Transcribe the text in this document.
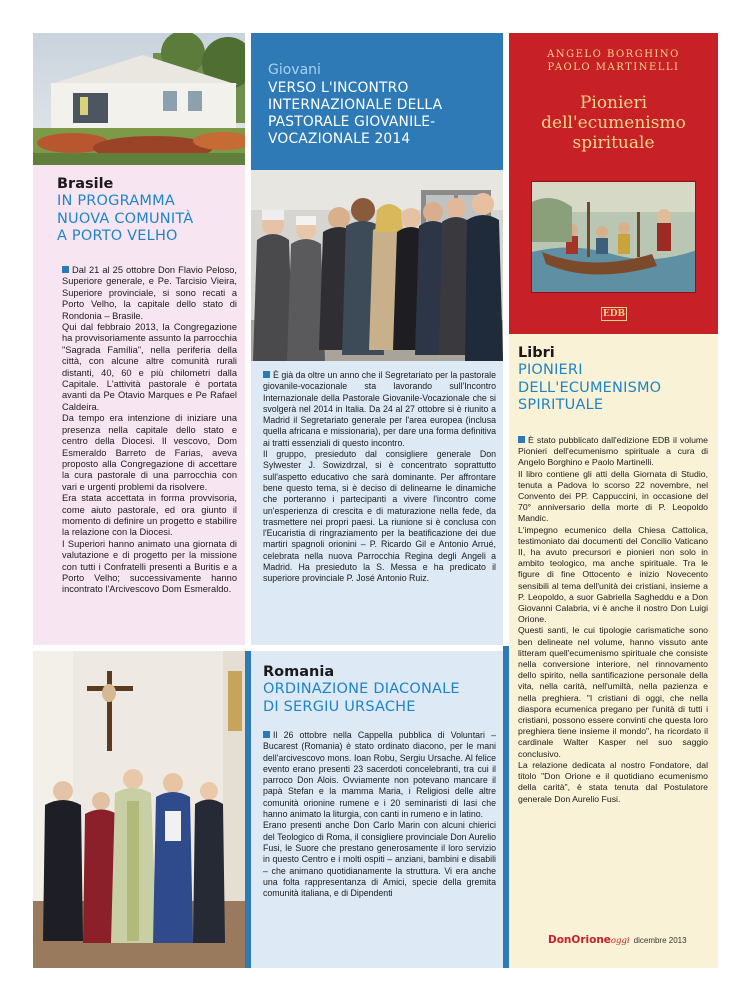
ANGELO BORGHINO
PAOLO MARTINELLI
Pionieri
dell'ecumenismo
spirituale
EDB
Brasile
IN PROGRAMMA
NUOVA COMUNITÀ
A PORTO VELHO

Dal 21 al 25 ottobre Don Flavio Peloso, Superiore generale, e Pe. Tarcisio Vieira, Superiore provinciale, si sono recati a Porto Velho, la capitale dello stato di Rondonia – Brasile.

Qui dal febbraio 2013, la Congregazione ha provvisoriamente assunto la parrocchia "Sagrada Família", nella periferia della città, con alcune altre comunità rurali distanti, 40, 60 e più chilometri dalla Capitale. L'attività pastorale è portata avanti da Pe Otavio Marques e Pe Rafael Caldeira.

Da tempo era intenzione di iniziare una presenza nella capitale dello stato e centro della Diocesi. Il vescovo, Dom Esmeraldo Barreto de Farias, aveva proposto alla Congregazione di accettare la cura pastorale di una parrocchia con vari e urgenti problemi da risolvere.

Era stata accettata in forma provvisoria, come aiuto pastorale, ed ora giunto il momento di definire un progetto e stabilire la relazione con la Diocesi.

I Superiori hanno animato una giornata di valutazione e di progetto per la missione con tutti i Confratelli presenti a Buritis e a Porto Velho; successivamente hanno incontrato l'Arcivescovo Dom Esmeraldo.

Giovani
VERSO L'INCONTRO
INTERNAZIONALE DELLA
PASTORALE GIOVANILE-
VOCAZIONALE 2014

È già da oltre un anno che il Segretariato per la pastorale giovanile-vocazionale sta lavorando sull'Incontro Internazionale della Pastorale Giovanile-Vocazionale che si svolgerà nel 2014 in Italia. Da 24 al 27 ottobre si è riunito a Madrid il Segretariato generale per l'area europea (inclusa quella africana e missionaria), per dare una forma definitiva ai tratti essenziali di questo incontro.

Il gruppo, presieduto dal consigliere generale Don Sylwester J. Sowizdrzal, si è concentrato soprattutto sull'aspetto educativo che sarà dominante. Per affrontare bene questo tema, si è deciso di delinearne le dinamiche che porteranno i partecipanti a vivere l'incontro come un'esperienza di crescita e di maturazione nella fede, da trasmettere nei propri paesi. La riunione si è conclusa con l'Eucaristia di ringraziamento per la beatificazione dei due martiri spagnoli orionini – P. Ricardo Gil e Antonio Arrué, celebrata nella nuova Parrocchia Regina degli Angeli a Madrid. Ha presieduto la S. Messa e ha predicato il superiore provinciale P. José Antonio Ruiz.

Libri
PIONIERI
DELL'ECUMENISMO
SPIRITUALE

È stato pubblicato dall'edizione EDB il volume Pionieri dell'ecumenismo spirituale a cura di Angelo Borghino e Paolo Martinelli.

Il libro contiene gli atti della Giornata di Studio, tenuta a Padova lo scorso 22 novembre, nel Convento dei PP. Cappuccini, in occasione del 70° anniversario della morte di P. Leopoldo Mandic.

L'impegno ecumenico della Chiesa Cattolica, testimoniato dai documenti del Concilio Vaticano II, ha avuto precursori e pionieri non solo in ambito teologico, ma anche spirituale. Tra le figure di fine Ottocento e inizio Novecento sensibili al tema dell'unità dei cristiani, insieme a P. Leopoldo, a suor Gabriella Sagheddu e a Don Giovanni Calabria, vi è anche il nostro Don Luigi Orione.

Questi santi, le cui tipologie carismatiche sono ben delineate nel volume, hanno vissuto ante litteram quell'ecumenismo spirituale che consiste nella conversione interiore, nel rinnovamento dello spirito, nella santificazione personale della vita, nella carità, nell'umiltà, nella pazienza e nella preghiera. "I cristiani di oggi, che nella diaspora ecumenica pregano per l'unità di tutti i cristiani, possono essere convinti che questa loro preghiera tiene insieme il mondo", ha ricordato il cardinale Walter Kasper nel suo saggio conclusivo.

La relazione dedicata al nostro Fondatore, dal titolo "Don Orione e il quotidiano ecumenismo della carità", è stata tenuta dal Postulatore generale Don Aurelio Fusi.

Romania
ORDINAZIONE DIACONALE
DI SERGIU URSACHE

Il 26 ottobre nella Cappella pubblica di Voluntari – Bucarest (Romania) è stato ordinato diacono, per le mani dell'arcivescovo mons. Ioan Robu, Sergiu Ursache. Al felice evento erano presenti 23 sacerdoti concelebranti, tra cui il parroco Don Alois. Ovviamente non potevano mancare il papà Stefan e la mamma Maria, i Religiosi delle altre comunità orionine rumene e i 20 seminaristi di Iasi che hanno animato la liturgia, con canti in rumeno e in latino.

Erano presenti anche Don Carlo Marin con alcuni chierici del Teologico di Roma, il consigliere provinciale Don Aurelio Fusi, le Suore che prestano generosamente il loro servizio in questo Centro e i molti ospiti – anziani, bambini e disabili – che animano quotidianamente la struttura. Vi era anche una folta rappresentanza di Amici, specie della gremita comunità italiana, e di Dipendenti

DonOrioneoggi dicembre 2013
